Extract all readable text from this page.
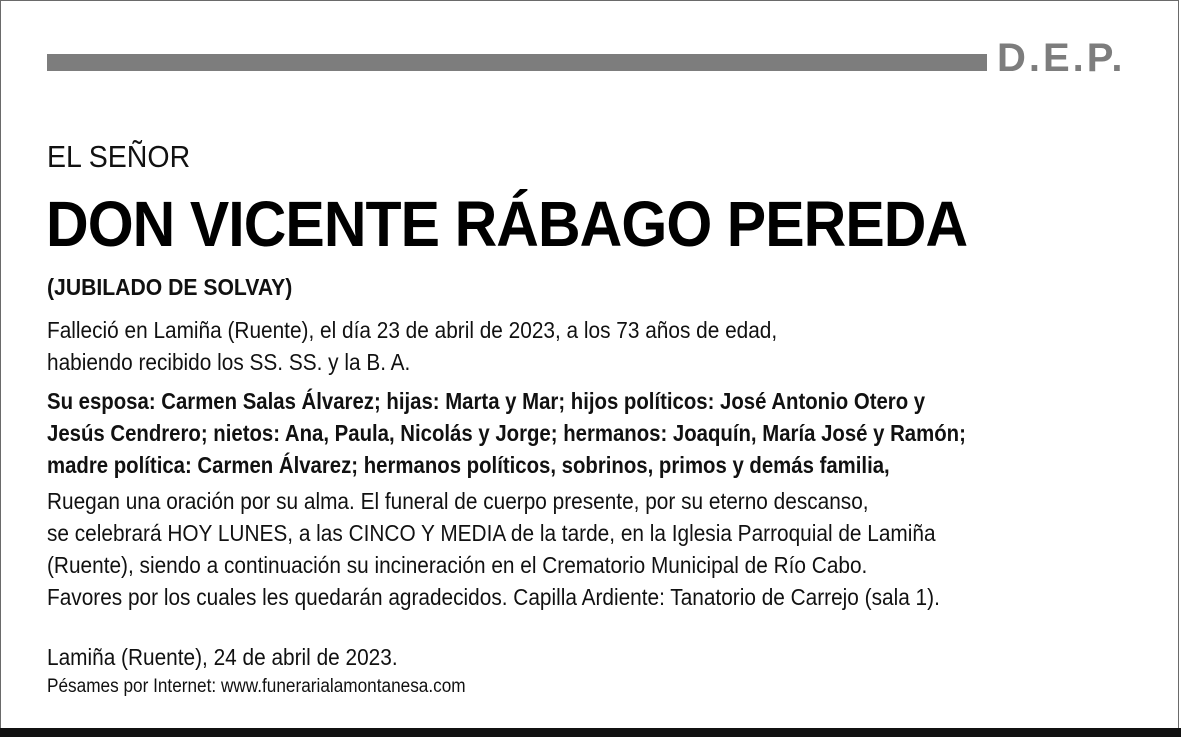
D.E.P.
EL SEÑOR
DON VICENTE RÁBAGO PEREDA
(JUBILADO DE SOLVAY)
Falleció en Lamiña (Ruente), el día 23 de abril de 2023, a los 73 años de edad,
habiendo recibido los SS. SS. y la B. A.
Su esposa: Carmen Salas Álvarez; hijas: Marta y Mar; hijos políticos: José Antonio Otero y
Jesús Cendrero; nietos: Ana, Paula, Nicolás y Jorge; hermanos: Joaquín, María José y Ramón;
madre política: Carmen Álvarez; hermanos políticos, sobrinos, primos y demás familia,
Ruegan una oración por su alma. El funeral de cuerpo presente, por su eterno descanso,
se celebrará HOY LUNES, a las CINCO Y MEDIA de la tarde, en la Iglesia Parroquial de Lamiña
(Ruente), siendo a continuación su incineración en el Crematorio Municipal de Río Cabo.
Favores por los cuales les quedarán agradecidos. Capilla Ardiente: Tanatorio de Carrejo (sala 1).
Lamiña (Ruente), 24 de abril de 2023.
Pésames por Internet: www.funerarialamontanesa.com
